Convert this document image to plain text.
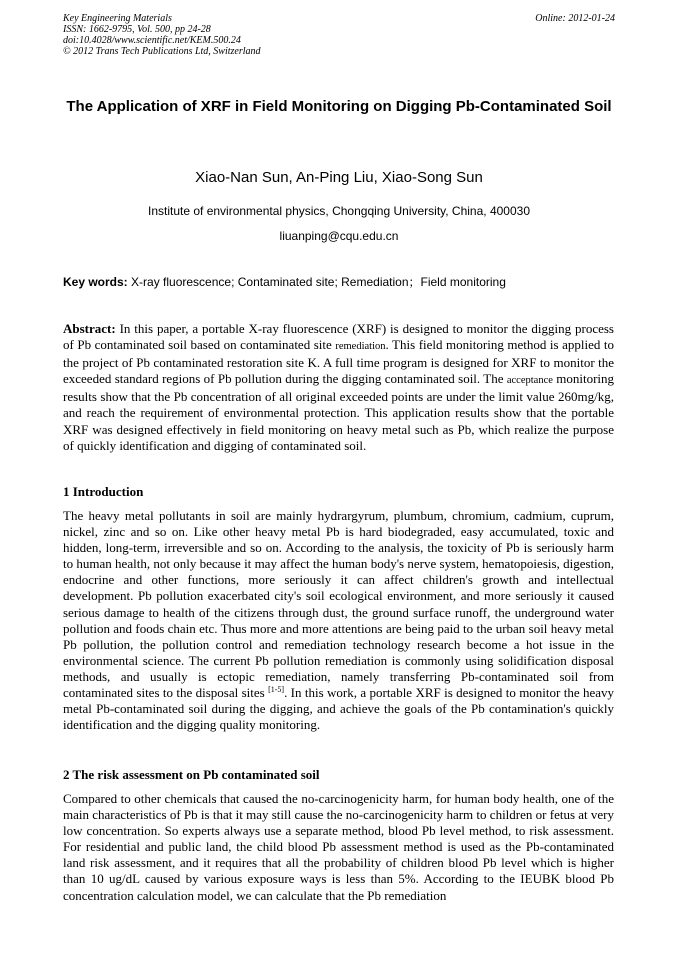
Key Engineering Materials
ISSN: 1662-9795, Vol. 500, pp 24-28
doi:10.4028/www.scientific.net/KEM.500.24
© 2012 Trans Tech Publications Ltd, Switzerland
Online: 2012-01-24
The Application of XRF in Field Monitoring on Digging Pb-Contaminated Soil
Xiao-Nan Sun, An-Ping Liu, Xiao-Song Sun
Institute of environmental physics, Chongqing University, China, 400030
liuanping@cqu.edu.cn
Key words: X-ray fluorescence; Contaminated site; Remediation；Field monitoring
Abstract: In this paper, a portable X-ray fluorescence (XRF) is designed to monitor the digging process of Pb contaminated soil based on contaminated site remediation. This field monitoring method is applied to the project of Pb contaminated restoration site K. A full time program is designed for XRF to monitor the exceeded standard regions of Pb pollution during the digging contaminated soil. The acceptance monitoring results show that the Pb concentration of all original exceeded points are under the limit value 260mg/kg, and reach the requirement of environmental protection. This application results show that the portable XRF was designed effectively in field monitoring on heavy metal such as Pb, which realize the purpose of quickly identification and digging of contaminated soil.
1 Introduction
The heavy metal pollutants in soil are mainly hydrargyrum, plumbum, chromium, cadmium, cuprum, nickel, zinc and so on. Like other heavy metal Pb is hard biodegraded, easy accumulated, toxic and hidden, long-term, irreversible and so on. According to the analysis, the toxicity of Pb is seriously harm to human health, not only because it may affect the human body's nerve system, hematopoiesis, digestion, endocrine and other functions, more seriously it can affect children's growth and intellectual development. Pb pollution exacerbated city's soil ecological environment, and more seriously it caused serious damage to health of the citizens through dust, the ground surface runoff, the underground water pollution and foods chain etc. Thus more and more attentions are being paid to the urban soil heavy metal Pb pollution, the pollution control and remediation technology research become a hot issue in the environmental science. The current Pb pollution remediation is commonly using solidification disposal methods, and usually is ectopic remediation, namely transferring Pb-contaminated soil from contaminated sites to the disposal sites [1-5]. In this work, a portable XRF is designed to monitor the heavy metal Pb-contaminated soil during the digging, and achieve the goals of the Pb contamination's quickly identification and the digging quality monitoring.
2 The risk assessment on Pb contaminated soil
Compared to other chemicals that caused the no-carcinogenicity harm, for human body health, one of the main characteristics of Pb is that it may still cause the no-carcinogenicity harm to children or fetus at very low concentration. So experts always use a separate method, blood Pb level method, to risk assessment. For residential and public land, the child blood Pb assessment method is used as the Pb-contaminated land risk assessment, and it requires that all the probability of children blood Pb level which is higher than 10 ug/dL caused by various exposure ways is less than 5%. According to the IEUBK blood Pb concentration calculation model, we can calculate that the Pb remediation
